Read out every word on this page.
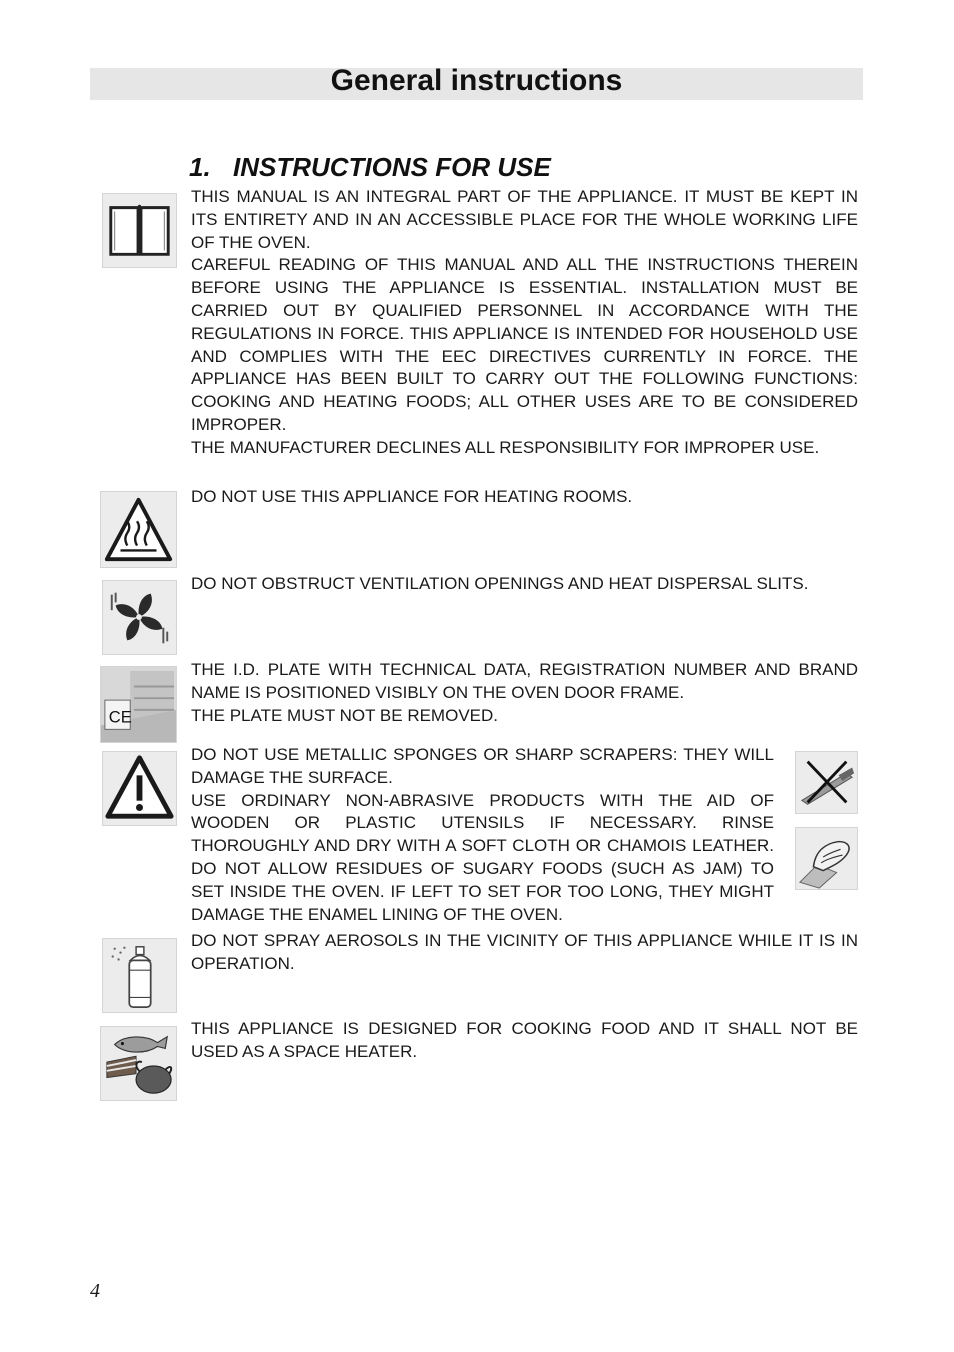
General instructions
1. INSTRUCTIONS FOR USE

THIS MANUAL IS AN INTEGRAL PART OF THE APPLIANCE. IT MUST BE KEPT IN ITS ENTIRETY AND IN AN ACCESSIBLE PLACE FOR THE WHOLE WORKING LIFE OF THE OVEN.

CAREFUL READING OF THIS MANUAL AND ALL THE INSTRUCTIONS THEREIN BEFORE USING THE APPLIANCE IS ESSENTIAL. INSTALLATION MUST BE CARRIED OUT BY QUALIFIED PERSONNEL IN ACCORDANCE WITH THE REGULATIONS IN FORCE. THIS APPLIANCE IS INTENDED FOR HOUSEHOLD USE AND COMPLIES WITH THE EEC DIRECTIVES CURRENTLY IN FORCE. THE APPLIANCE HAS BEEN BUILT TO CARRY OUT THE FOLLOWING FUNCTIONS: COOKING AND HEATING FOODS; ALL OTHER USES ARE TO BE CONSIDERED IMPROPER.

THE MANUFACTURER DECLINES ALL RESPONSIBILITY FOR IMPROPER USE.

DO NOT USE THIS APPLIANCE FOR HEATING ROOMS.

DO NOT OBSTRUCT VENTILATION OPENINGS AND HEAT DISPERSAL SLITS.

CE

THE I.D. PLATE WITH TECHNICAL DATA, REGISTRATION NUMBER AND BRAND NAME IS POSITIONED VISIBLY ON THE OVEN DOOR FRAME.

THE PLATE MUST NOT BE REMOVED.

DO NOT USE METALLIC SPONGES OR SHARP SCRAPERS: THEY WILL DAMAGE THE SURFACE.

USE ORDINARY NON-ABRASIVE PRODUCTS WITH THE AID OF WOODEN OR PLASTIC UTENSILS IF NECESSARY. RINSE THOROUGHLY AND DRY WITH A SOFT CLOTH OR CHAMOIS LEATHER. DO NOT ALLOW RESIDUES OF SUGARY FOODS (SUCH AS JAM) TO SET INSIDE THE OVEN. IF LEFT TO SET FOR TOO LONG, THEY MIGHT DAMAGE THE ENAMEL LINING OF THE OVEN.

DO NOT SPRAY AEROSOLS IN THE VICINITY OF THIS APPLIANCE WHILE IT IS IN OPERATION.

THIS APPLIANCE IS DESIGNED FOR COOKING FOOD AND IT SHALL NOT BE USED AS A SPACE HEATER.

4
